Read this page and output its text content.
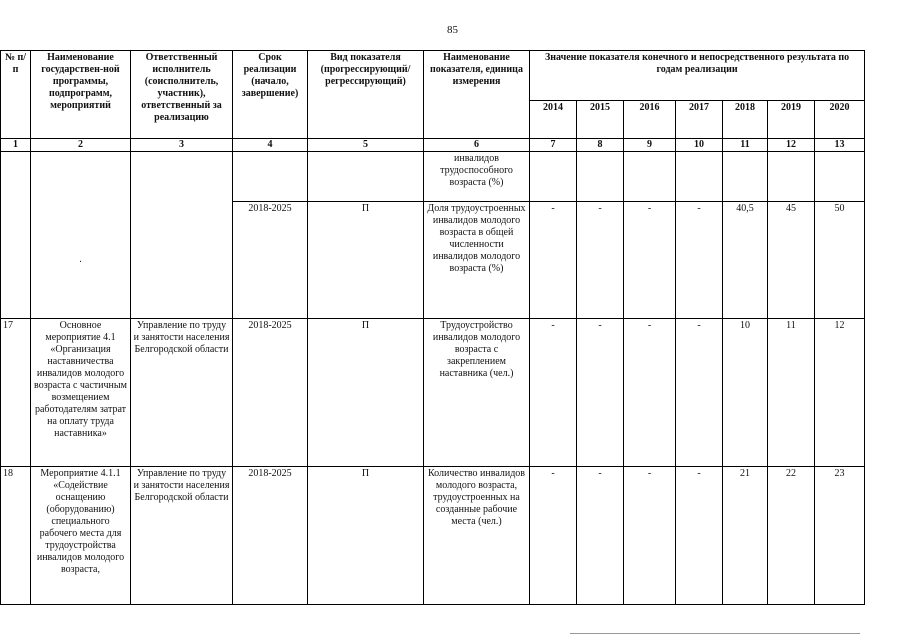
85
№ п/п	Наименование государствен-ной программы, подпрограмм, мероприятий	Ответственный исполнитель (соисполнитель, участник), ответственный за реализацию	Срок реализации (начало, завершение)	Вид показателя (прогрессирующий/ регрессирующий)	Наименование показателя, единица измерения	Значение показателя конечного и непосредственного результата по годам реализации						
						2014	2015	2016	2017	2018	2019	2020
1	2	3	4	5	6	7	8	9	10	11	12	13
					инвалидов трудоспособного возраста (%)							
	.		2018-2025	П	Доля трудоустроенных инвалидов молодого возраста в общей численности инвалидов молодого возраста (%)	-	-	-	-	40,5	45	50
17	Основное мероприятие 4.1 «Организация наставничества инвалидов молодого возраста с частичным возмещением работодателям затрат на оплату труда наставника»	Управление по труду и занятости населения Белгородской области	2018-2025	П	Трудоустройство инвалидов молодого возраста с закреплением наставника (чел.)	-	-	-	-	10	11	12
18	Мероприятие 4.1.1 «Содействие оснащению (оборудованию) специального рабочего места для трудоустройства инвалидов молодого возраста,	Управление по труду и занятости населения Белгородской области	2018-2025	П	Количество инвалидов молодого возраста, трудоустроенных на созданные рабочие места (чел.)	-	-	-	-	21	22	23
